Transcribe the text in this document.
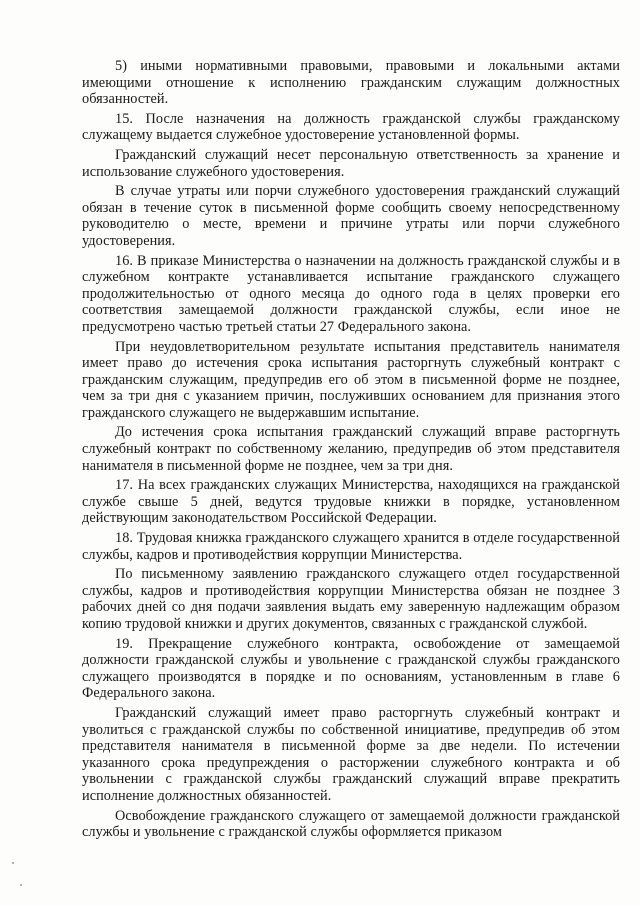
5) иными нормативными правовыми, правовыми и локальными актами имеющими отношение к исполнению гражданским служащим должностных обязанностей.

15. После назначения на должность гражданской службы гражданскому служащему выдается служебное удостоверение установленной формы.

Гражданский служащий несет персональную ответственность за хранение и использование служебного удостоверения.

В случае утраты или порчи служебного удостоверения гражданский служащий обязан в течение суток в письменной форме сообщить своему непосредственному руководителю о месте, времени и причине утраты или порчи служебного удостоверения.

16. В приказе Министерства о назначении на должность гражданской службы и в служебном контракте устанавливается испытание гражданского служащего продолжительностью от одного месяца до одного года в целях проверки его соответствия замещаемой должности гражданской службы, если иное не предусмотрено частью третьей статьи 27 Федерального закона.

При неудовлетворительном результате испытания представитель нанимателя имеет право до истечения срока испытания расторгнуть служебный контракт с гражданским служащим, предупредив его об этом в письменной форме не позднее, чем за три дня с указанием причин, послуживших основанием для признания этого гражданского служащего не выдержавшим испытание.

До истечения срока испытания гражданский служащий вправе расторгнуть служебный контракт по собственному желанию, предупредив об этом представителя нанимателя в письменной форме не позднее, чем за три дня.

17. На всех гражданских служащих Министерства, находящихся на гражданской службе свыше 5 дней, ведутся трудовые книжки в порядке, установленном действующим законодательством Российской Федерации.

18. Трудовая книжка гражданского служащего хранится в отделе государственной службы, кадров и противодействия коррупции Министерства.

По письменному заявлению гражданского служащего отдел государственной службы, кадров и противодействия коррупции Министерства обязан не позднее 3 рабочих дней со дня подачи заявления выдать ему заверенную надлежащим образом копию трудовой книжки и других документов, связанных с гражданской службой.

19. Прекращение служебного контракта, освобождение от замещаемой должности гражданской службы и увольнение с гражданской службы гражданского служащего производятся в порядке и по основаниям, установленным в главе 6 Федерального закона.

Гражданский служащий имеет право расторгнуть служебный контракт и уволиться с гражданской службы по собственной инициативе, предупредив об этом представителя нанимателя в письменной форме за две недели. По истечении указанного срока предупреждения о расторжении служебного контракта и об увольнении с гражданской службы гражданский служащий вправе прекратить исполнение должностных обязанностей.

Освобождение гражданского служащего от замещаемой должности гражданской службы и увольнение с гражданской службы оформляется приказом
